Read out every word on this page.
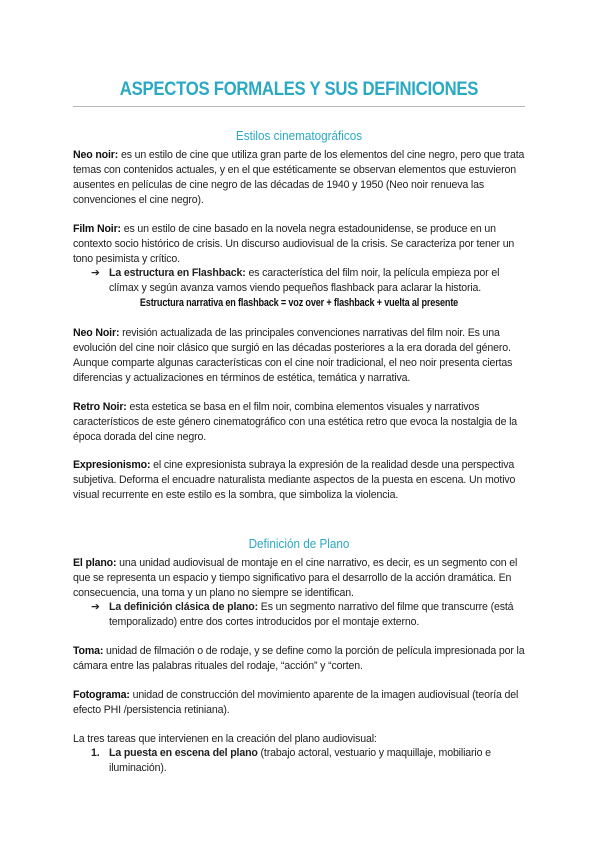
ASPECTOS FORMALES Y SUS DEFINICIONES
Estilos cinematográficos
Neo noir: es un estilo de cine que utiliza gran parte de los elementos del cine negro, pero que trata temas con contenidos actuales, y en el que estéticamente se observan elementos que estuvieron ausentes en películas de cine negro de las décadas de 1940 y 1950 (Neo noir renueva las convenciones el cine negro).
Film Noir: es un estilo de cine basado en la novela negra estadounidense, se produce en un contexto socio histórico de crisis. Un discurso audiovisual de la crisis. Se caracteriza por tener un tono pesimista y crítico.
➔ La estructura en Flashback: es característica del film noir, la película empieza por el clímax y según avanza vamos viendo pequeños flashback para aclarar la historia.
Estructura narrativa en flashback = voz over + flashback + vuelta al presente
Neo Noir: revisión actualizada de las principales convenciones narrativas del film noir. Es una evolución del cine noir clásico que surgió en las décadas posteriores a la era dorada del género. Aunque comparte algunas características con el cine noir tradicional, el neo noir presenta ciertas diferencias y actualizaciones en términos de estética, temática y narrativa.
Retro Noir: esta estetica se basa en el film noir, combina elementos visuales y narrativos característicos de este género cinematográfico con una estética retro que evoca la nostalgia de la época dorada del cine negro.
Expresionismo: el cine expresionista subraya la expresión de la realidad desde una perspectiva subjetiva. Deforma el encuadre naturalista mediante aspectos de la puesta en escena. Un motivo visual recurrente en este estilo es la sombra, que simboliza la violencia.
Definición de Plano
El plano: una unidad audiovisual de montaje en el cine narrativo, es decir, es un segmento con el que se representa un espacio y tiempo significativo para el desarrollo de la acción dramática. En consecuencia, una toma y un plano no siempre se identifican.
➔ La definición clásica de plano: Es un segmento narrativo del filme que transcurre (está temporalizado) entre dos cortes introducidos por el montaje externo.
Toma: unidad de filmación o de rodaje, y se define como la porción de película impresionada por la cámara entre las palabras rituales del rodaje, “acción” y “corten.
Fotograma: unidad de construcción del movimiento aparente de la imagen audiovisual (teoría del efecto PHI /persistencia retiniana).
La tres tareas que intervienen en la creación del plano audiovisual:
1. La puesta en escena del plano (trabajo actoral, vestuario y maquillaje, mobiliario e iluminación).
